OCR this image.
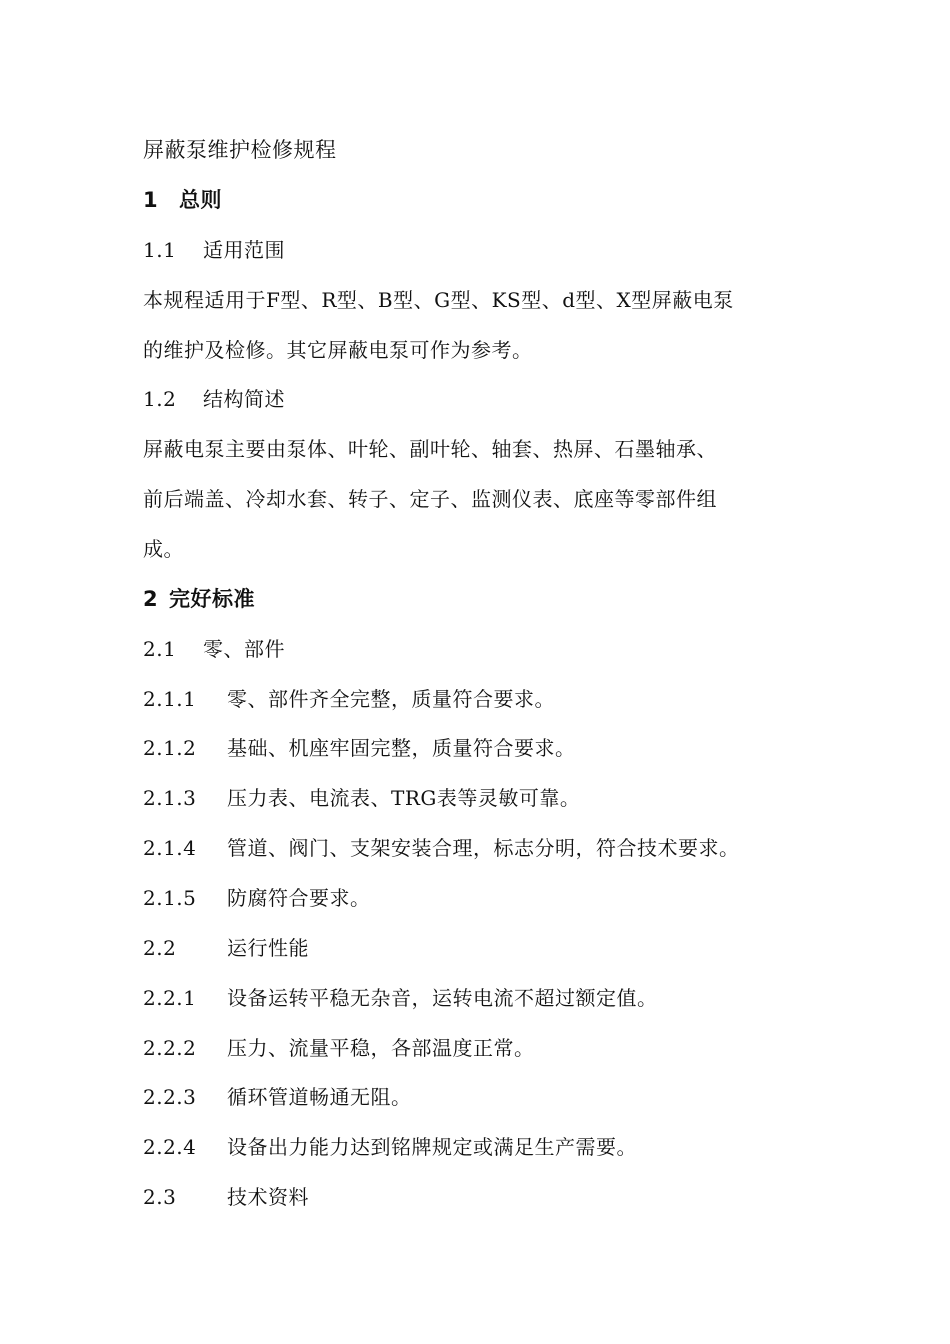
屏蔽泵维护检修规程
1 总则
1.1 适用范围
本规程适用于F型、R型、B型、G型、KS型、d型、X型屏蔽电泵
的维护及检修。其它屏蔽电泵可作为参考。
1.2 结构简述
屏蔽电泵主要由泵体、叶轮、副叶轮、轴套、热屏、石墨轴承、
前后端盖、冷却水套、转子、定子、监测仪表、底座等零部件组
成。
2 完好标准
2.1 零、部件
2.1.1 零、部件齐全完整，质量符合要求。
2.1.2 基础、机座牢固完整，质量符合要求。
2.1.3 压力表、电流表、TRG表等灵敏可靠。
2.1.4 管道、阀门、支架安装合理，标志分明，符合技术要求。
2.1.5 防腐符合要求。
2.2	运行性能
2.2.1 设备运转平稳无杂音，运转电流不超过额定值。
2.2.2 压力、流量平稳，各部温度正常。
2.2.3 循环管道畅通无阻。
2.2.4 设备出力能力达到铭牌规定或满足生产需要。
2.3	技术资料
